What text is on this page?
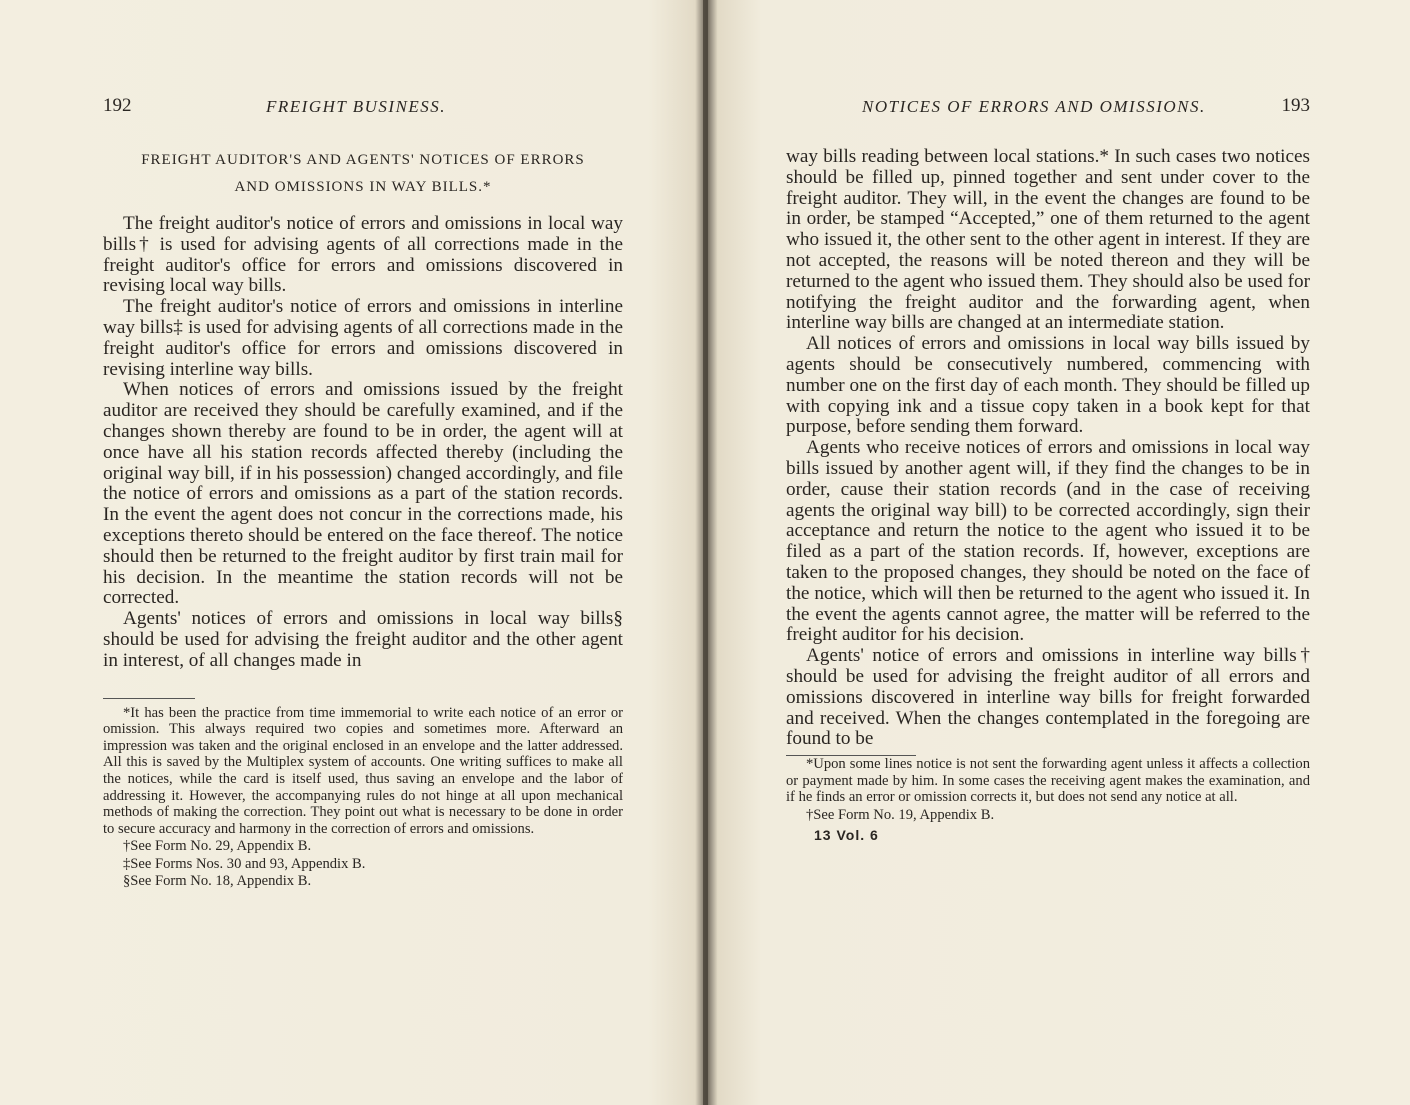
192	FREIGHT BUSINESS.
FREIGHT AUDITOR'S AND AGENTS' NOTICES OF ERRORS
AND OMISSIONS IN WAY BILLS.*

The freight auditor's notice of errors and omissions in local way bills† is used for advising agents of all corrections made in the freight auditor's office for errors and omissions discovered in revising local way bills.

The freight auditor's notice of errors and omissions in interline way bills‡ is used for advising agents of all corrections made in the freight auditor's office for errors and omissions discovered in revising interline way bills.

When notices of errors and omissions issued by the freight auditor are received they should be carefully examined, and if the changes shown thereby are found to be in order, the agent will at once have all his station records affected thereby (including the original way bill, if in his possession) changed accordingly, and file the notice of errors and omissions as a part of the station records. In the event the agent does not concur in the corrections made, his exceptions thereto should be entered on the face thereof. The notice should then be returned to the freight auditor by first train mail for his decision. In the meantime the station records will not be corrected.

Agents' notices of errors and omissions in local way bills§ should be used for advising the freight auditor and the other agent in interest, of all changes made in

*It has been the practice from time immemorial to write each notice of an error or omission. This always required two copies and sometimes more. Afterward an impression was taken and the original enclosed in an envelope and the latter addressed. All this is saved by the Multiplex system of accounts. One writing suffices to make all the notices, while the card is itself used, thus saving an envelope and the labor of addressing it. However, the accompanying rules do not hinge at all upon mechanical methods of making the correction. They point out what is necessary to be done in order to secure accuracy and harmony in the correction of errors and omissions.

†See Form No. 29, Appendix B.

‡See Forms Nos. 30 and 93, Appendix B.

§See Form No. 18, Appendix B.

NOTICES OF ERRORS AND OMISSIONS.	193

way bills reading between local stations.* In such cases two notices should be filled up, pinned together and sent under cover to the freight auditor. They will, in the event the changes are found to be in order, be stamped “Accepted,” one of them returned to the agent who issued it, the other sent to the other agent in interest. If they are not accepted, the reasons will be noted thereon and they will be returned to the agent who issued them. They should also be used for notifying the freight auditor and the forwarding agent, when interline way bills are changed at an intermediate station.

All notices of errors and omissions in local way bills issued by agents should be consecutively numbered, commencing with number one on the first day of each month. They should be filled up with copying ink and a tissue copy taken in a book kept for that purpose, before sending them forward.

Agents who receive notices of errors and omissions in local way bills issued by another agent will, if they find the changes to be in order, cause their station records (and in the case of receiving agents the original way bill) to be corrected accordingly, sign their acceptance and return the notice to the agent who issued it to be filed as a part of the station records. If, however, exceptions are taken to the proposed changes, they should be noted on the face of the notice, which will then be returned to the agent who issued it. In the event the agents cannot agree, the matter will be referred to the freight auditor for his decision.

Agents' notice of errors and omissions in interline way bills† should be used for advising the freight auditor of all errors and omissions discovered in interline way bills for freight forwarded and received. When the changes contemplated in the foregoing are found to be

*Upon some lines notice is not sent the forwarding agent unless it affects a collection or payment made by him. In some cases the receiving agent makes the examination, and if he finds an error or omission corrects it, but does not send any notice at all.

†See Form No. 19, Appendix B.

13 Vol. 6
